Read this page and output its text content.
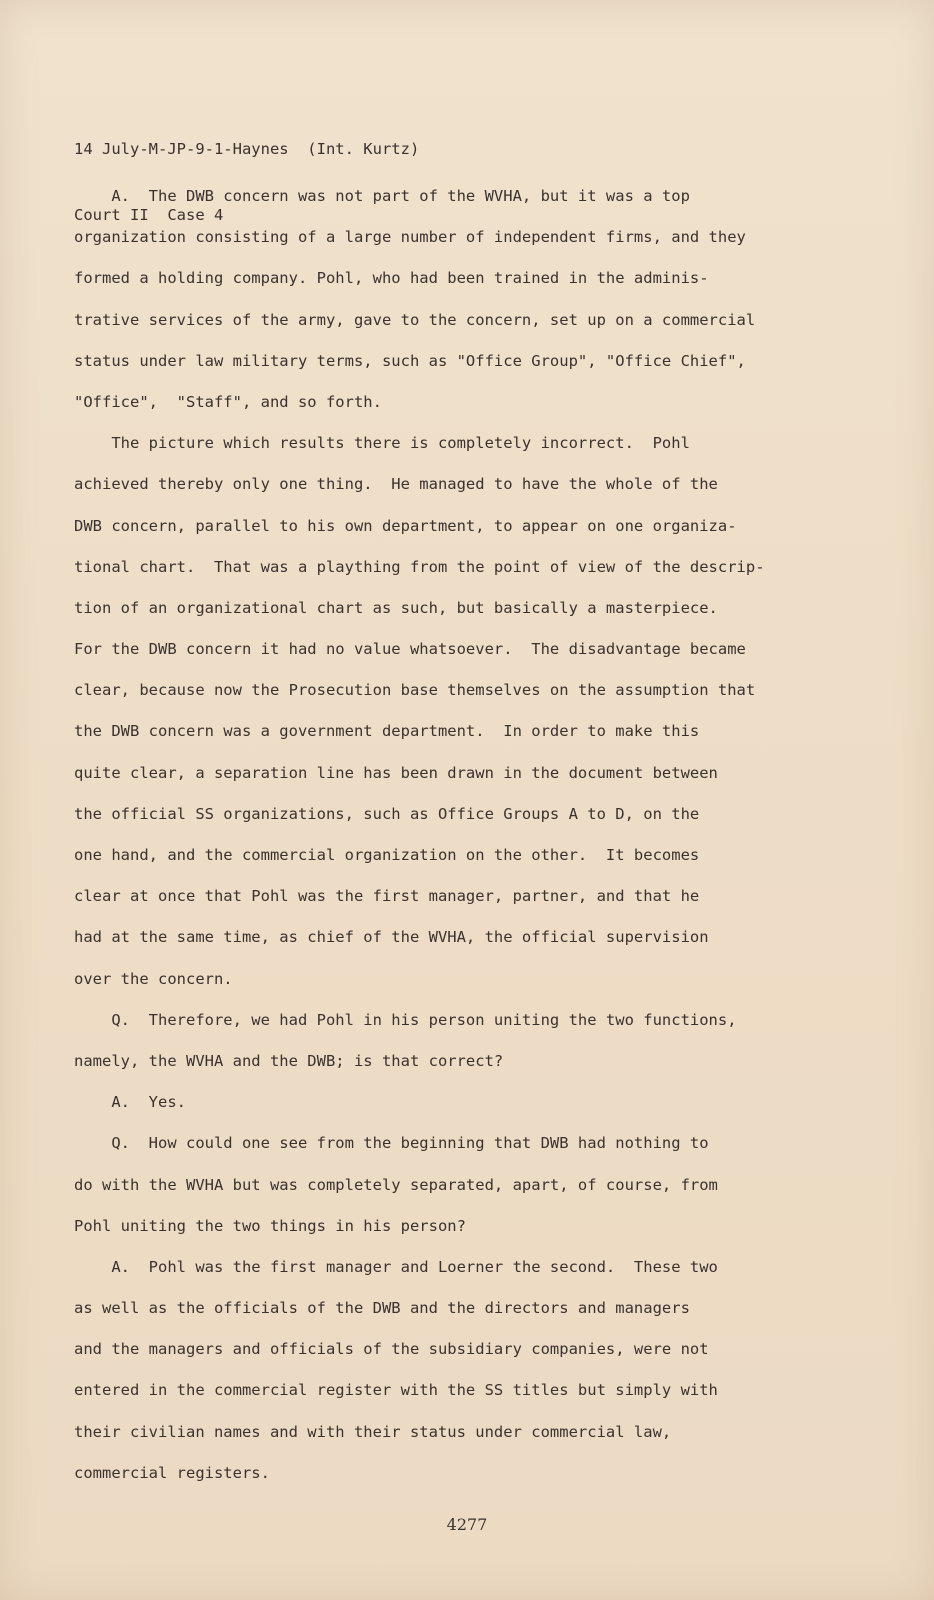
14 July-M-JP-9-1-Haynes  (Int. Kurtz)

Court II  Case 4

A.  The DWB concern was not part of the WVHA, but it was a top
organization consisting of a large number of independent firms, and they
formed a holding company. Pohl, who had been trained in the adminis-
trative services of the army, gave to the concern, set up on a commercial
status under law military terms, such as "Office Group", "Office Chief",
"Office",  "Staff", and so forth.
The picture which results there is completely incorrect.  Pohl
achieved thereby only one thing.  He managed to have the whole of the
DWB concern, parallel to his own department, to appear on one organiza-
tional chart.  That was a plaything from the point of view of the descrip-
tion of an organizational chart as such, but basically a masterpiece.
For the DWB concern it had no value whatsoever.  The disadvantage became
clear, because now the Prosecution base themselves on the assumption that
the DWB concern was a government department.  In order to make this
quite clear, a separation line has been drawn in the document between
the official SS organizations, such as Office Groups A to D, on the
one hand, and the commercial organization on the other.  It becomes
clear at once that Pohl was the first manager, partner, and that he
had at the same time, as chief of the WVHA, the official supervision
over the concern.
Q.  Therefore, we had Pohl in his person uniting the two functions,
namely, the WVHA and the DWB; is that correct?
A.  Yes.
Q.  How could one see from the beginning that DWB had nothing to
do with the WVHA but was completely separated, apart, of course, from
Pohl uniting the two things in his person?
A.  Pohl was the first manager and Loerner the second.  These two
as well as the officials of the DWB and the directors and managers
and the managers and officials of the subsidiary companies, were not
entered in the commercial register with the SS titles but simply with
their civilian names and with their status under commercial law,
commercial registers.
4277
